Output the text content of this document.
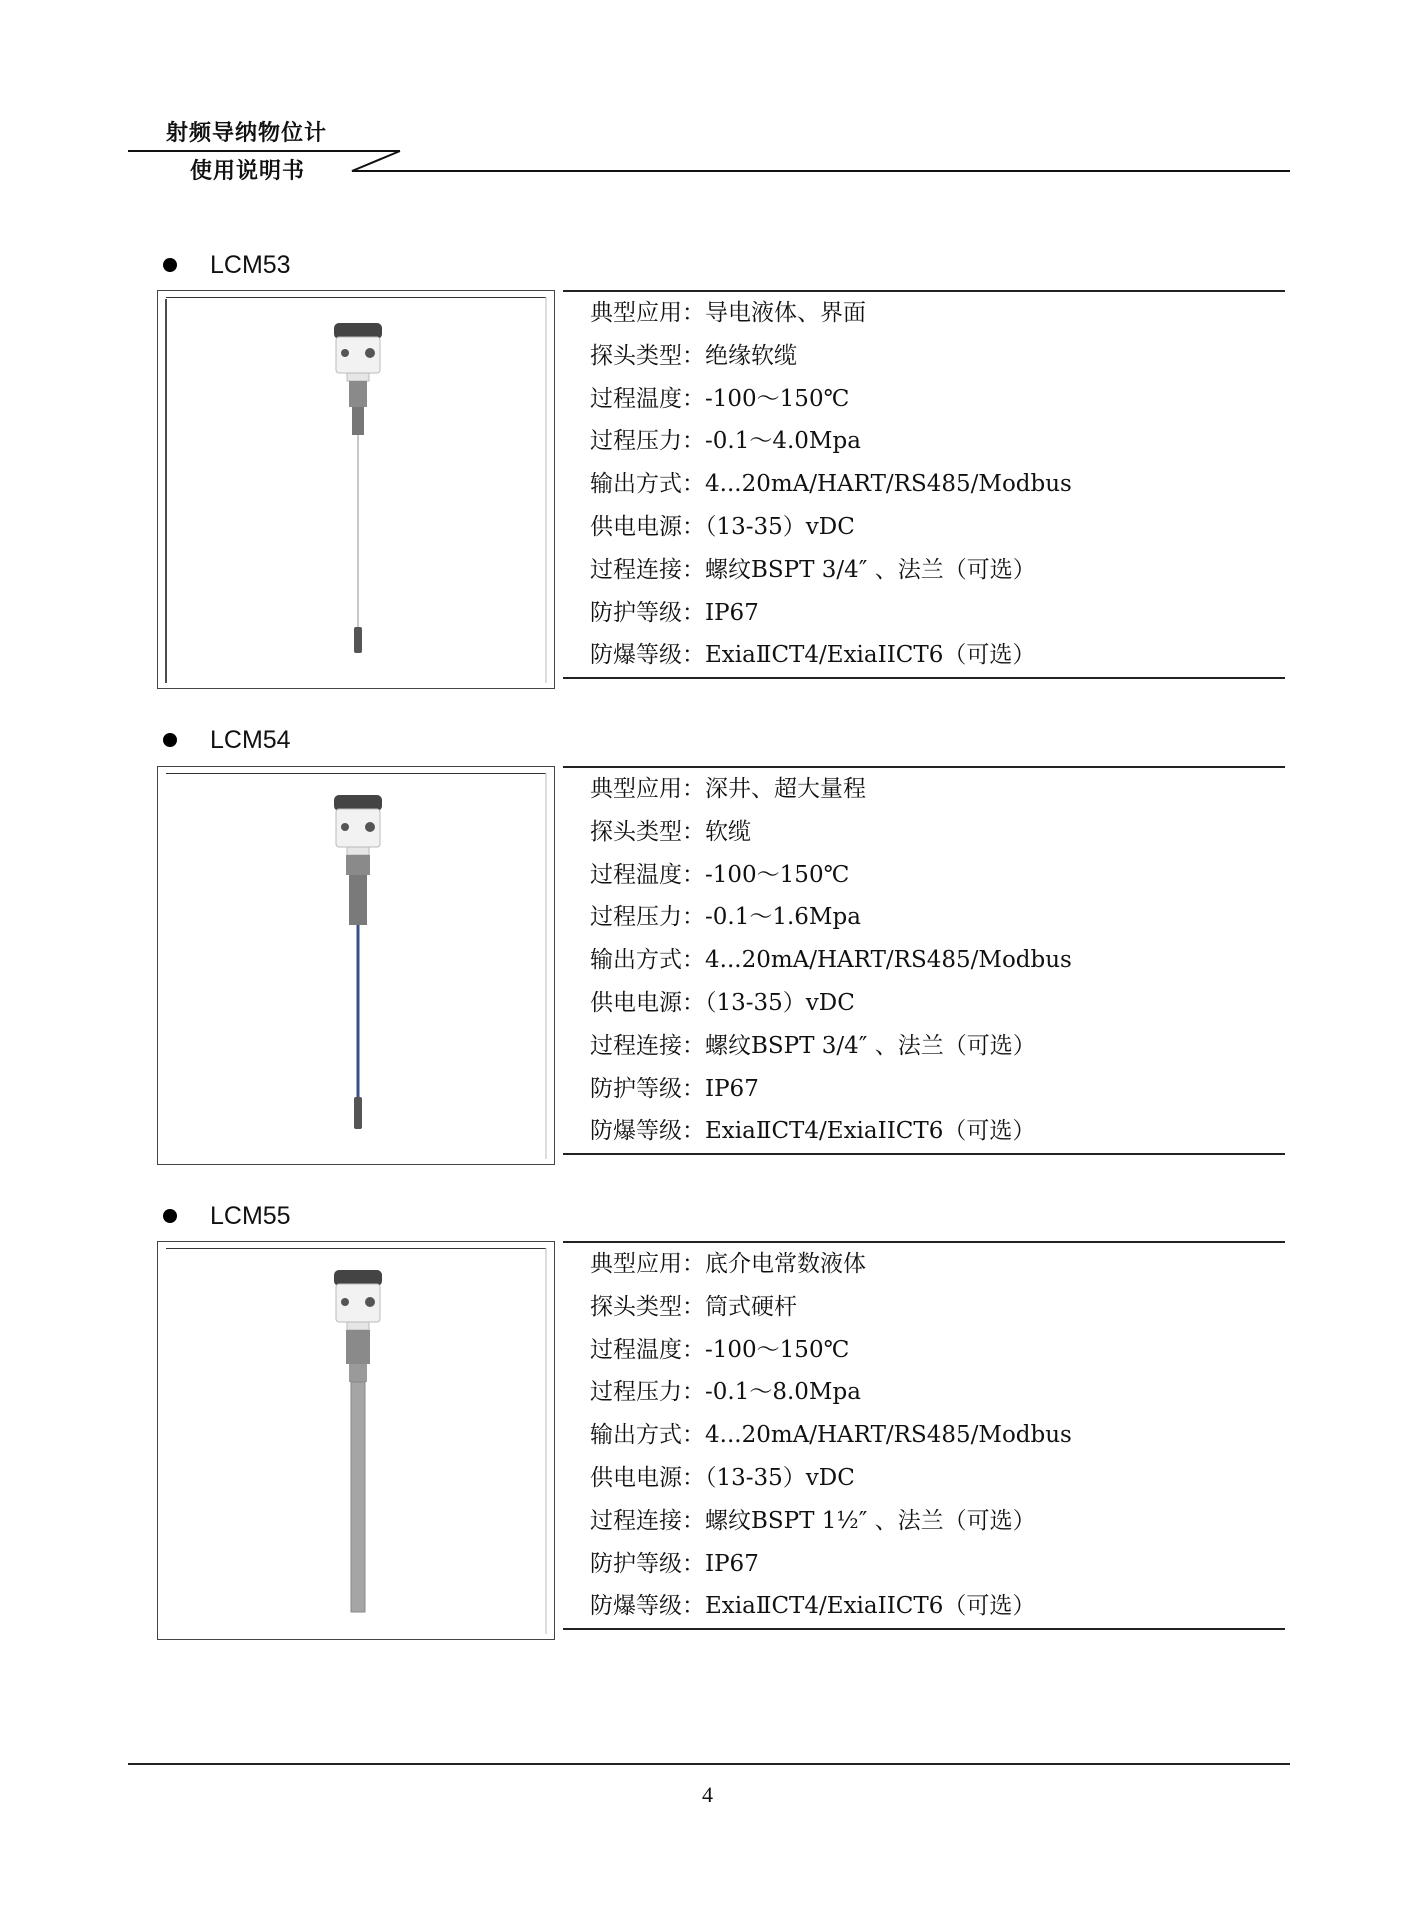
射频导纳物位计
使用说明书
LCM53
典型应用：导电液体、界面
探头类型：绝缘软缆
过程温度：-100～150℃
过程压力：-0.1～4.0Mpa
输出方式：4...20mA/HART/RS485/Modbus
供电电源：（13-35）vDC
过程连接：螺纹BSPT 3/4″ 、法兰（可选）
防护等级：IP67
防爆等级：ExiaⅡCT4/ExiaIICT6（可选）
LCM54
典型应用：深井、超大量程
探头类型：软缆
过程温度：-100～150℃
过程压力：-0.1～1.6Mpa
输出方式：4...20mA/HART/RS485/Modbus
供电电源：（13-35）vDC
过程连接：螺纹BSPT 3/4″ 、法兰（可选）
防护等级：IP67
防爆等级：ExiaⅡCT4/ExiaIICT6（可选）
LCM55
典型应用：底介电常数液体
探头类型：筒式硬杆
过程温度：-100～150℃
过程压力：-0.1～8.0Mpa
输出方式：4...20mA/HART/RS485/Modbus
供电电源：（13-35）vDC
过程连接：螺纹BSPT 1½″ 、法兰（可选）
防护等级：IP67
防爆等级：ExiaⅡCT4/ExiaIICT6（可选）
4
